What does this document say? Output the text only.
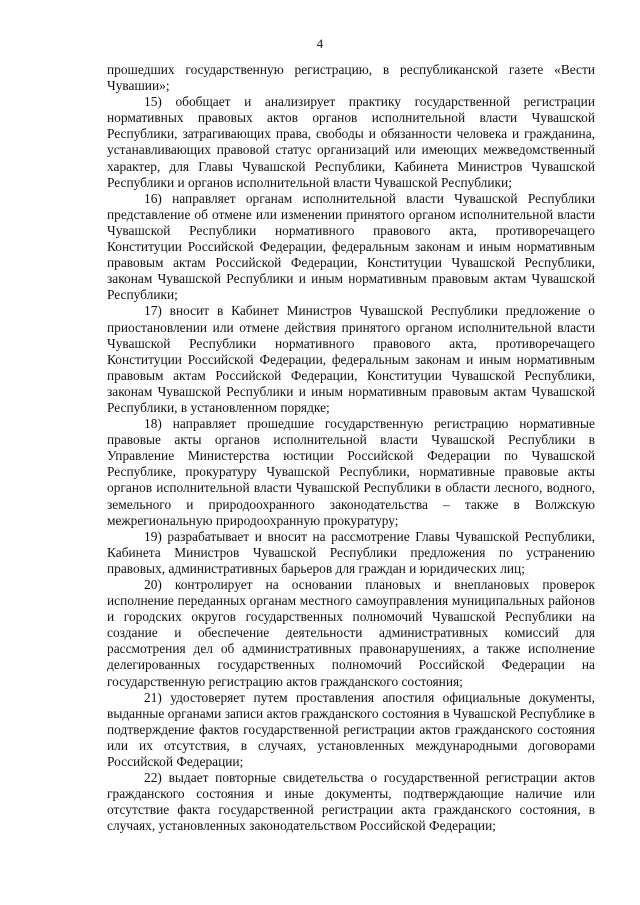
4

прошедших государственную регистрацию, в республиканской газете «Вести Чувашии»;

15) обобщает и анализирует практику государственной регистрации нормативных правовых актов органов исполнительной власти Чувашской Республики, затрагивающих права, свободы и обязанности человека и гражданина, устанавливающих правовой статус организаций или имеющих межведомственный характер, для Главы Чувашской Республики, Кабинета Министров Чувашской Республики и органов исполнительной власти Чувашской Республики;

16) направляет органам исполнительной власти Чувашской Республики представление об отмене или изменении принятого органом исполнительной власти Чувашской Республики нормативного правового акта, противоречащего Конституции Российской Федерации, федеральным законам и иным нормативным правовым актам Российской Федерации, Конституции Чувашской Республики, законам Чувашской Республики и иным нормативным правовым актам Чувашской Республики;

17) вносит в Кабинет Министров Чувашской Республики предложение о приостановлении или отмене действия принятого органом исполнительной власти Чувашской Республики нормативного правового акта, противоречащего Конституции Российской Федерации, федеральным законам и иным нормативным правовым актам Российской Федерации, Конституции Чувашской Республики, законам Чувашской Республики и иным нормативным правовым актам Чувашской Республики, в установленном порядке;

18) направляет прошедшие государственную регистрацию нормативные правовые акты органов исполнительной власти Чувашской Республики в Управление Министерства юстиции Российской Федерации по Чувашской Республике, прокуратуру Чувашской Республики, нормативные правовые акты органов исполнительной власти Чувашской Республики в области лесного, водного, земельного и природоохранного законодательства – также в Волжскую межрегиональную природоохранную прокуратуру;

19) разрабатывает и вносит на рассмотрение Главы Чувашской Республики, Кабинета Министров Чувашской Республики предложения по устранению правовых, административных барьеров для граждан и юридических лиц;

20) контролирует на основании плановых и внеплановых проверок исполнение переданных органам местного самоуправления муниципальных районов и городских округов государственных полномочий Чувашской Республики на создание и обеспечение деятельности административных комиссий для рассмотрения дел об административных правонарушениях, а также исполнение делегированных государственных полномочий Российской Федерации на государственную регистрацию актов гражданского состояния;

21) удостоверяет путем проставления апостиля официальные документы, выданные органами записи актов гражданского состояния в Чувашской Республике в подтверждение фактов государственной регистрации актов гражданского состояния или их отсутствия, в случаях, установленных международными договорами Российской Федерации;

22) выдает повторные свидетельства о государственной регистрации актов гражданского состояния и иные документы, подтверждающие наличие или отсутствие факта государственной регистрации акта гражданского состояния, в случаях, установленных законодательством Российской Федерации;
